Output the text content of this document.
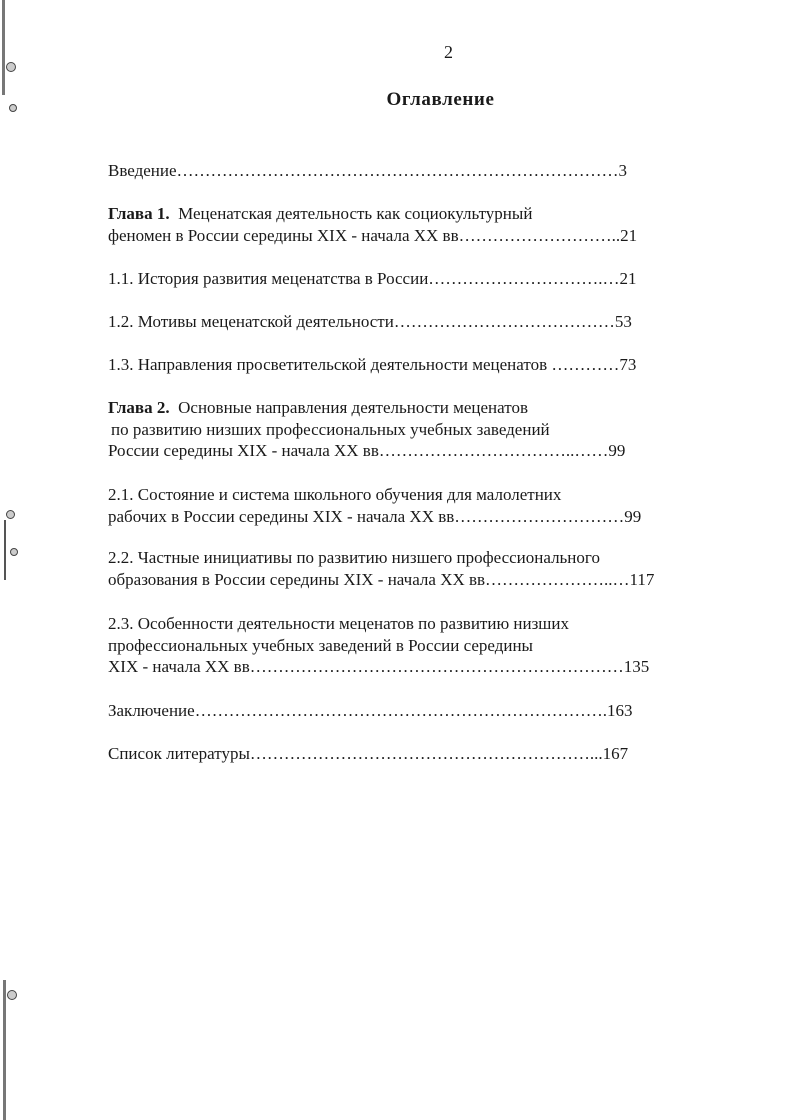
2
Оглавление
Введение……………………………………………………………………3
Глава 1. Меценатская деятельность как социокультурный
феномен в России середины XIX - начала XX вв………………………..21
1.1. История развития меценатства в России………………………….…21
1.2. Мотивы меценатской деятельности…………………………………53
1.3. Направления просветительской деятельности меценатов …………73
Глава 2. Основные направления деятельности меценатов
по развитию низших профессиональных учебных заведений
России середины XIX - начала XX вв……………………………..……99
2.1. Состояние и система школьного обучения для малолетних
рабочих в России середины XIX - начала XX вв…………………………99
2.2. Частные инициативы по развитию низшего профессионального
образования в России середины XIX - начала XX вв…………………..…117
2.3. Особенности деятельности меценатов по развитию низших
профессиональных учебных заведений в России середины
XIX - начала XX вв…………………………………………………………135
Заключение……………………………………………………………….163
Список литературы……………………………………………………...167
